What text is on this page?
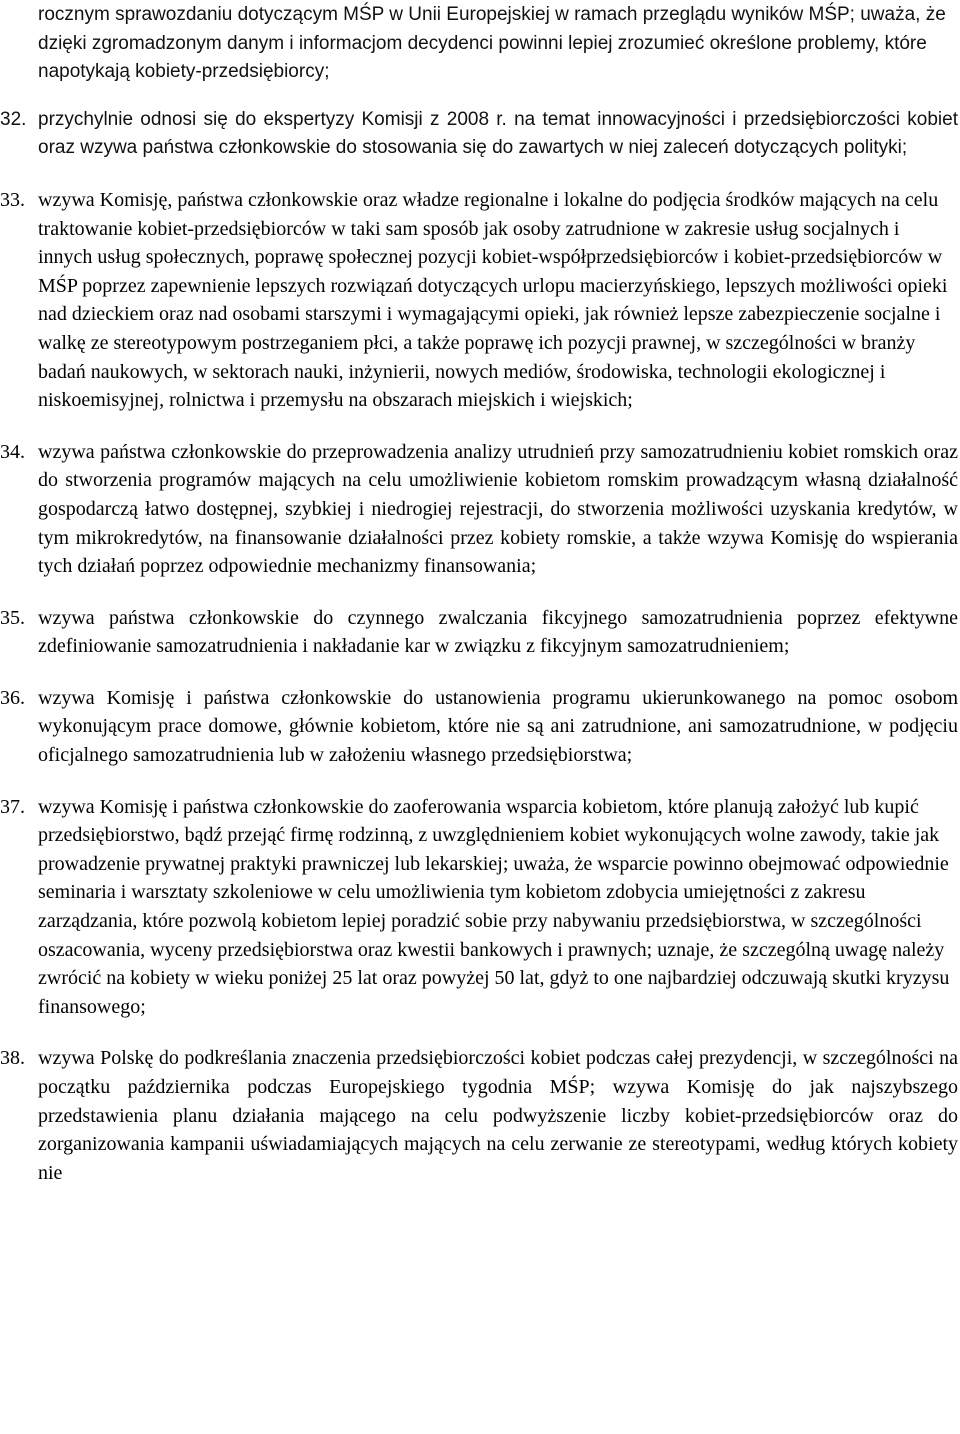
rocznym sprawozdaniu dotyczącym MŚP w Unii Europejskiej w ramach przeglądu wyników MŚP; uważa, że dzięki zgromadzonym danym i informacjom decydenci powinni lepiej zrozumieć określone problemy, które napotykają kobiety-przedsiębiorcy;

32. przychylnie odnosi się do ekspertyzy Komisji z 2008 r. na temat innowacyjności i przedsiębiorczości kobiet oraz wzywa państwa członkowskie do stosowania się do zawartych w niej zaleceń dotyczących polityki;

33. wzywa Komisję, państwa członkowskie oraz władze regionalne i lokalne do podjęcia środków mających na celu traktowanie kobiet-przedsiębiorców w taki sam sposób jak osoby zatrudnione w zakresie usług socjalnych i innych usług społecznych, poprawę społecznej pozycji kobiet-współprzedsiębiorców i kobiet-przedsiębiorców w MŚP poprzez zapewnienie lepszych rozwiązań dotyczących urlopu macierzyńskiego, lepszych możliwości opieki nad dzieckiem oraz nad osobami starszymi i wymagającymi opieki, jak również lepsze zabezpieczenie socjalne i walkę ze stereotypowym postrzeganiem płci, a także poprawę ich pozycji prawnej, w szczególności w branży badań naukowych, w sektorach nauki, inżynierii, nowych mediów, środowiska, technologii ekologicznej i niskoemisyjnej, rolnictwa i przemysłu na obszarach miejskich i wiejskich;

34. wzywa państwa członkowskie do przeprowadzenia analizy utrudnień przy samozatrudnieniu kobiet romskich oraz do stworzenia programów mających na celu umożliwienie kobietom romskim prowadzącym własną działalność gospodarczą łatwo dostępnej, szybkiej i niedrogiej rejestracji, do stworzenia możliwości uzyskania kredytów, w tym mikrokredytów, na finansowanie działalności przez kobiety romskie, a także wzywa Komisję do wspierania tych działań poprzez odpowiednie mechanizmy finansowania;

35. wzywa państwa członkowskie do czynnego zwalczania fikcyjnego samozatrudnienia poprzez efektywne zdefiniowanie samozatrudnienia i nakładanie kar w związku z fikcyjnym samozatrudnieniem;

36. wzywa Komisję i państwa członkowskie do ustanowienia programu ukierunkowanego na pomoc osobom wykonującym prace domowe, głównie kobietom, które nie są ani zatrudnione, ani samozatrudnione, w podjęciu oficjalnego samozatrudnienia lub w założeniu własnego przedsiębiorstwa;

37. wzywa Komisję i państwa członkowskie do zaoferowania wsparcia kobietom, które planują założyć lub kupić przedsiębiorstwo, bądź przejąć firmę rodzinną, z uwzględnieniem kobiet wykonujących wolne zawody, takie jak prowadzenie prywatnej praktyki prawniczej lub lekarskiej; uważa, że wsparcie powinno obejmować odpowiednie seminaria i warsztaty szkoleniowe w celu umożliwienia tym kobietom zdobycia umiejętności z zakresu zarządzania, które pozwolą kobietom lepiej poradzić sobie przy nabywaniu przedsiębiorstwa, w szczególności oszacowania, wyceny przedsiębiorstwa oraz kwestii bankowych i prawnych; uznaje, że szczególną uwagę należy zwrócić na kobiety w wieku poniżej 25 lat oraz powyżej 50 lat, gdyż to one najbardziej odczuwają skutki kryzysu finansowego;

38. wzywa Polskę do podkreślania znaczenia przedsiębiorczości kobiet podczas całej prezydencji, w szczególności na początku października podczas Europejskiego tygodnia MŚP; wzywa Komisję do jak najszybszego przedstawienia planu działania mającego na celu podwyższenie liczby kobiet-przedsiębiorców oraz do zorganizowania kampanii uświadamiających mających na celu zerwanie ze stereotypami, według których kobiety nie
